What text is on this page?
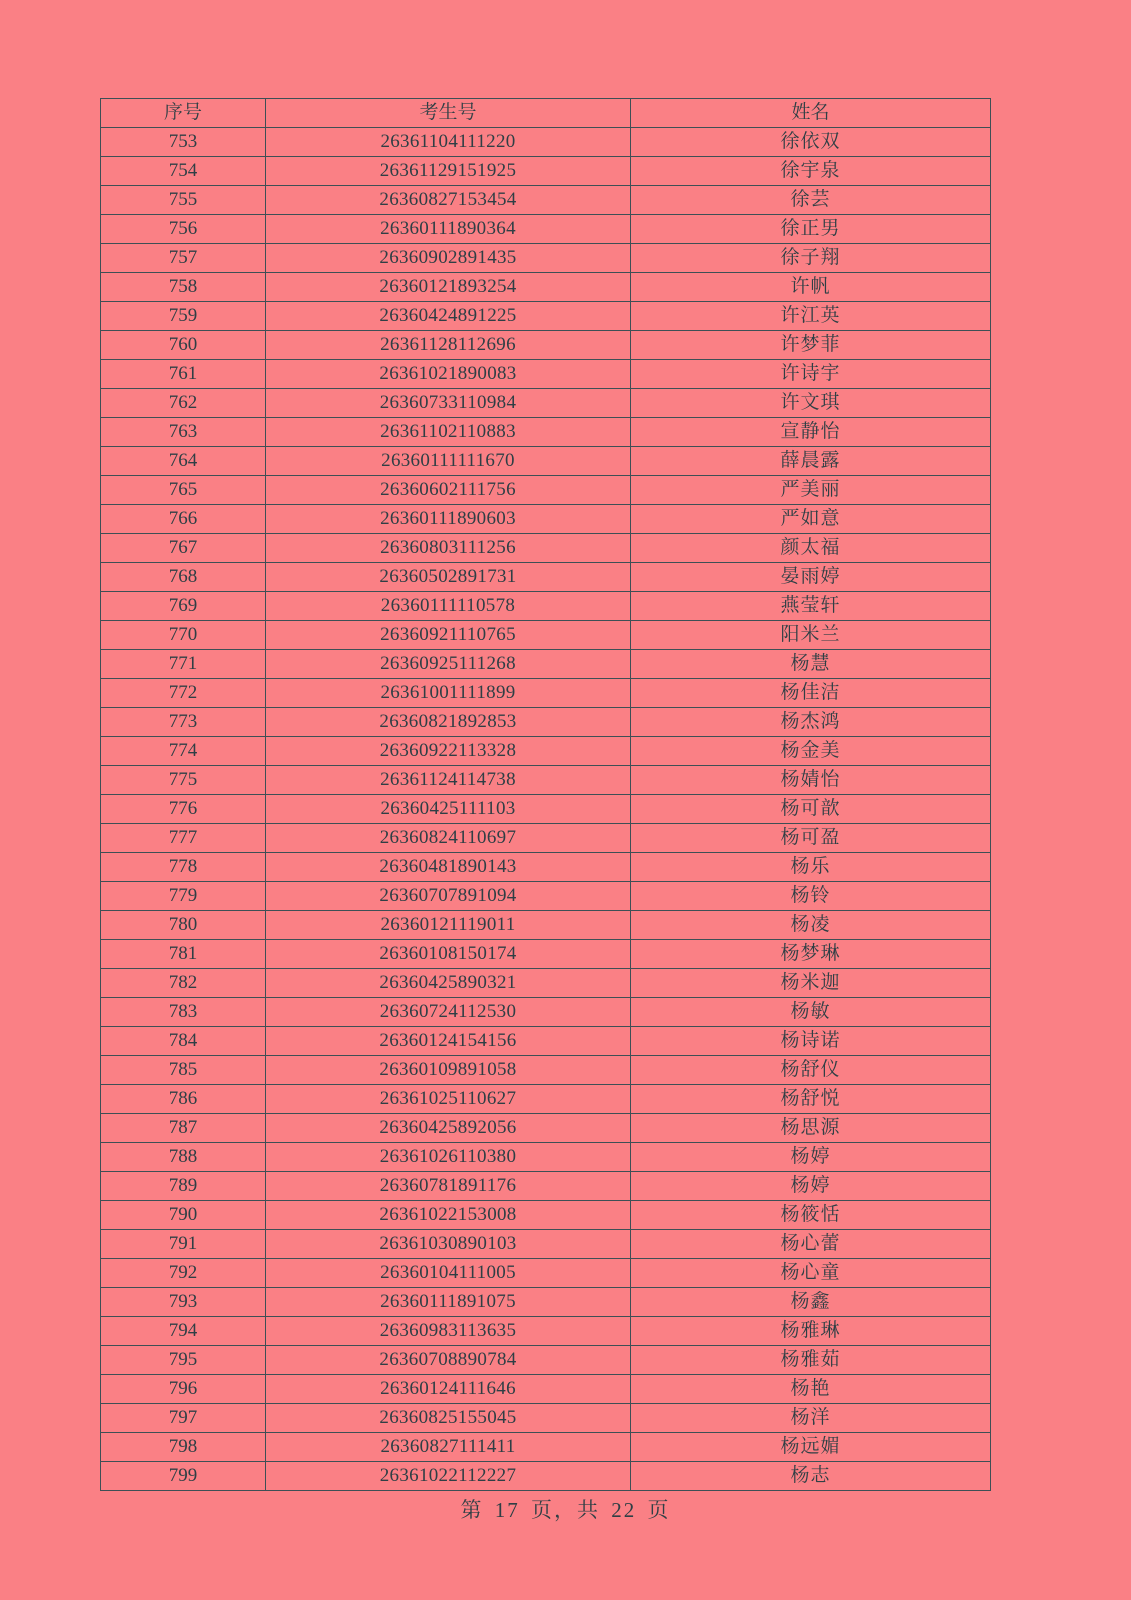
序号	考生号	姓名
753	26361104111220	徐依双
754	26361129151925	徐宇泉
755	26360827153454	徐芸
756	26360111890364	徐正男
757	26360902891435	徐子翔
758	26360121893254	许帆
759	26360424891225	许江英
760	26361128112696	许梦菲
761	26361021890083	许诗宇
762	26360733110984	许文琪
763	26361102110883	宣静怡
764	26360111111670	薛晨露
765	26360602111756	严美丽
766	26360111890603	严如意
767	26360803111256	颜太福
768	26360502891731	晏雨婷
769	26360111110578	燕莹轩
770	26360921110765	阳米兰
771	26360925111268	杨慧
772	26361001111899	杨佳洁
773	26360821892853	杨杰鸿
774	26360922113328	杨金美
775	26361124114738	杨婧怡
776	26360425111103	杨可歆
777	26360824110697	杨可盈
778	26360481890143	杨乐
779	26360707891094	杨铃
780	26360121119011	杨凌
781	26360108150174	杨梦琳
782	26360425890321	杨米迦
783	26360724112530	杨敏
784	26360124154156	杨诗诺
785	26360109891058	杨舒仪
786	26361025110627	杨舒悦
787	26360425892056	杨思源
788	26361026110380	杨婷
789	26360781891176	杨婷
790	26361022153008	杨筱恬
791	26361030890103	杨心蕾
792	26360104111005	杨心童
793	26360111891075	杨鑫
794	26360983113635	杨雅琳
795	26360708890784	杨雅茹
796	26360124111646	杨艳
797	26360825155045	杨洋
798	26360827111411	杨远媚
799	26361022112227	杨志
第 17 页，共 22 页
